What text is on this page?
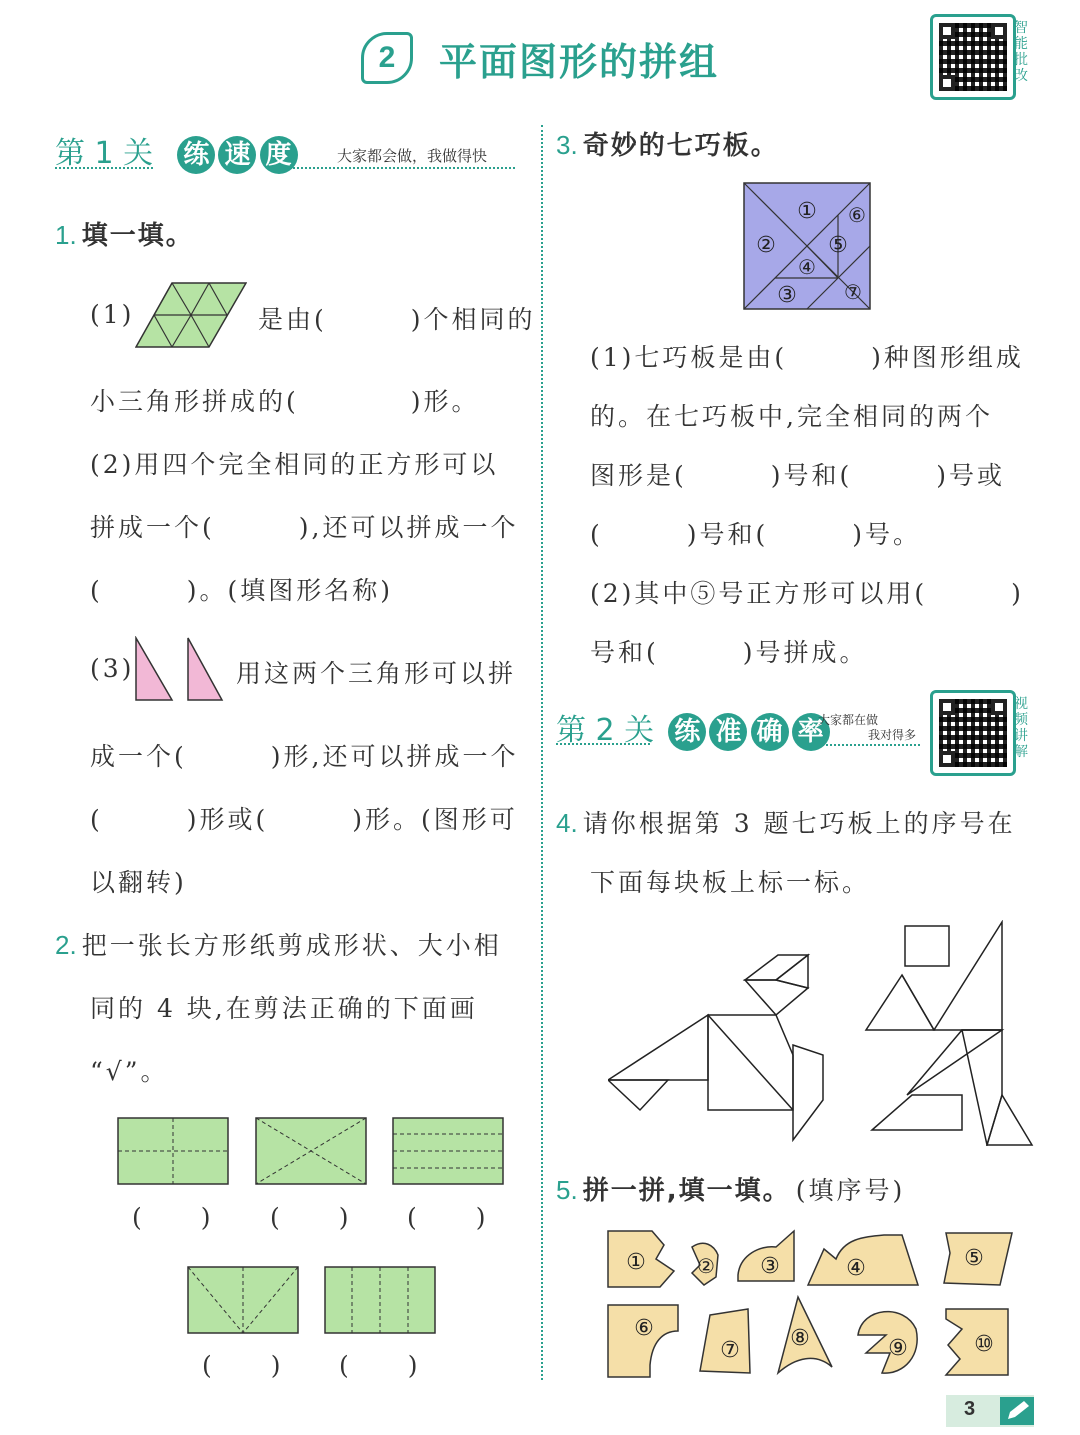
2	平面图形的拼组
智能批改
第 1 关 练 速 度	大家都会做，我做得快
1. 填一填。
(1)	是由(　　　)个相同的
小三角形拼成的(　　　　)形。
(2)用四个完全相同的正方形可以
拼成一个(　　　),还可以拼成一个
(　　　)。(填图形名称)
(3)	用这两个三角形可以拼
成一个(　　　)形,还可以拼成一个
(　　　)形或(　　　)形。(图形可
以翻转)
2. 把一张长方形纸剪成形状、大小相
同的 4 块,在剪法正确的下面画
“√”。
(　　) (　　) (　　)
(　　) (　　)
3. 奇妙的七巧板。
①
②
③
④
⑤
⑥
⑦
(1)七巧板是由(　　　)种图形组成
的。在七巧板中,完全相同的两个
图形是(　　　)号和(　　　)号或
(　　　)号和(　　　)号。
(2)其中⑤号正方形可以用(　　　)
号和(　　　)号拼成。
第 2 关 练 准 确 率
大家都在做
我对得多
视频讲解
4. 请你根据第 3 题七巧板上的序号在
下面每块板上标一标。
5. 拼一拼,填一填。 (填序号)
①	② ③	④	⑤
⑥
⑦ ⑧	⑨	⑩
3
